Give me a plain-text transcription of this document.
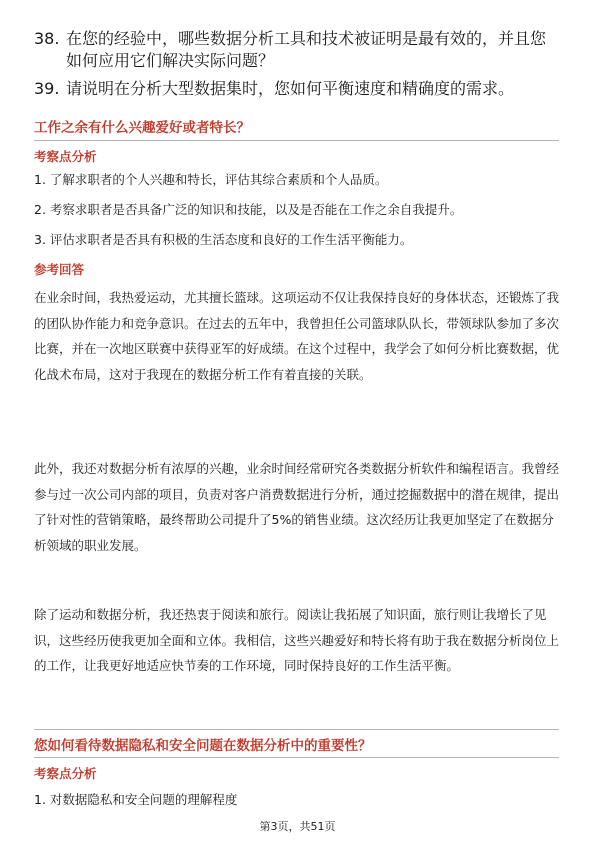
38. 在您的经验中，哪些数据分析工具和技术被证明是最有效的，并且您如何应用它们解决实际问题？
39. 请说明在分析大型数据集时，您如何平衡速度和精确度的需求。
工作之余有什么兴趣爱好或者特长？
考察点分析
1. 了解求职者的个人兴趣和特长，评估其综合素质和个人品质。
2. 考察求职者是否具备广泛的知识和技能，以及是否能在工作之余自我提升。
3. 评估求职者是否具有积极的生活态度和良好的工作生活平衡能力。
参考回答
在业余时间，我热爱运动，尤其擅长篮球。这项运动不仅让我保持良好的身体状态，还锻炼了我的团队协作能力和竞争意识。在过去的五年中，我曾担任公司篮球队队长，带领球队参加了多次比赛，并在一次地区联赛中获得亚军的好成绩。在这个过程中，我学会了如何分析比赛数据，优化战术布局，这对于我现在的数据分析工作有着直接的关联。
此外，我还对数据分析有浓厚的兴趣，业余时间经常研究各类数据分析软件和编程语言。我曾经参与过一次公司内部的项目，负责对客户消费数据进行分析，通过挖掘数据中的潜在规律，提出了针对性的营销策略，最终帮助公司提升了5%的销售业绩。这次经历让我更加坚定了在数据分析领域的职业发展。
除了运动和数据分析，我还热衷于阅读和旅行。阅读让我拓展了知识面，旅行则让我增长了见识，这些经历使我更加全面和立体。我相信，这些兴趣爱好和特长将有助于我在数据分析岗位上的工作，让我更好地适应快节奏的工作环境，同时保持良好的工作生活平衡。
您如何看待数据隐私和安全问题在数据分析中的重要性？
考察点分析
1. 对数据隐私和安全问题的理解程度
第3页，共51页
